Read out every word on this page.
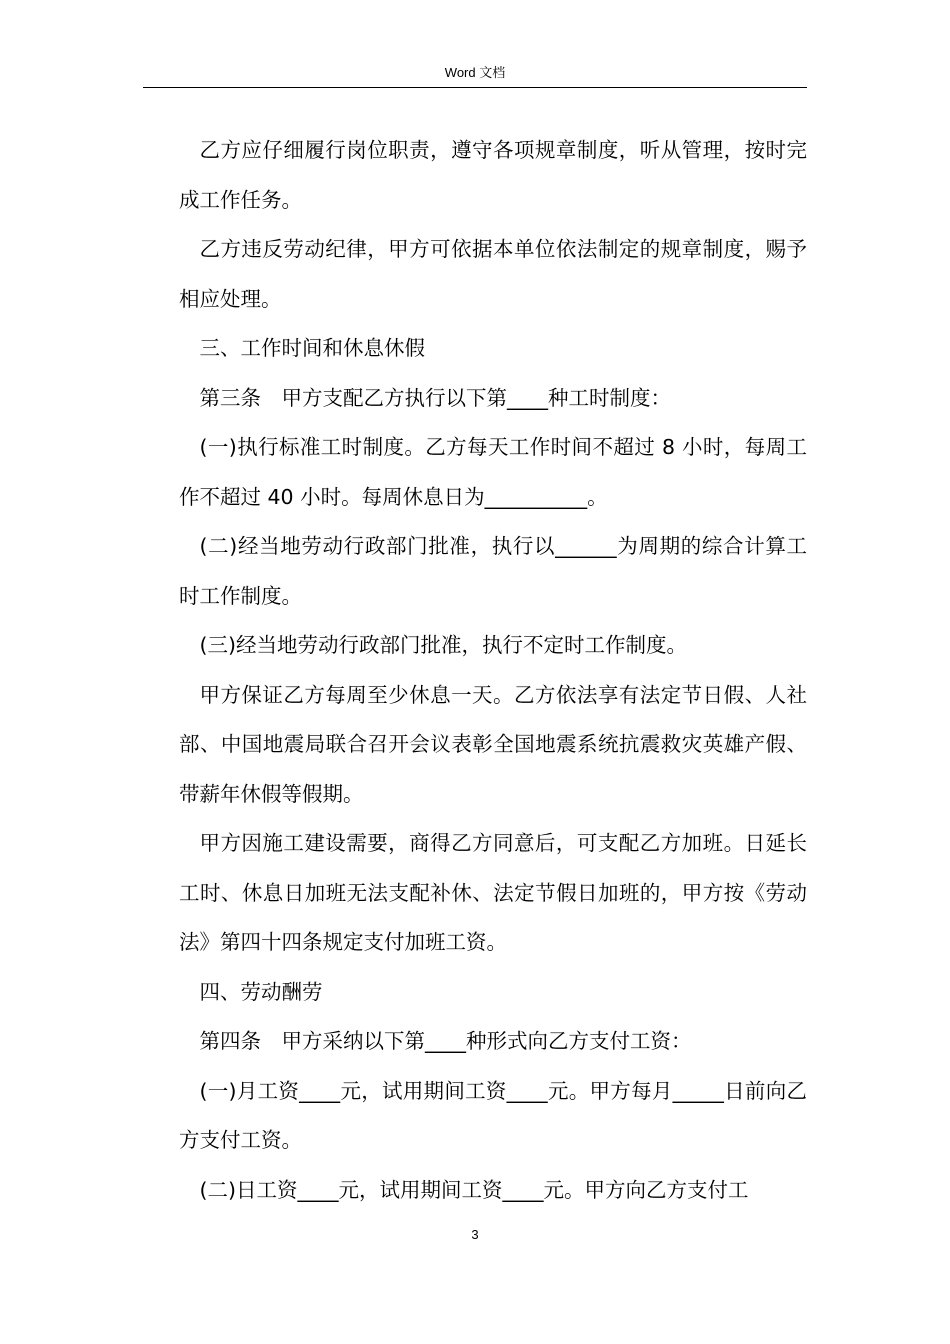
Word 文档

乙方应仔细履行岗位职责，遵守各项规章制度，听从管理，按时完成工作任务。

乙方违反劳动纪律，甲方可依据本单位依法制定的规章制度，赐予相应处理。

三、工作时间和休息休假

第三条　甲方支配乙方执行以下第____种工时制度：

(一)执行标准工时制度。乙方每天工作时间不超过 8 小时，每周工作不超过 40 小时。每周休息日为__________。

(二)经当地劳动行政部门批准，执行以______为周期的综合计算工时工作制度。

(三)经当地劳动行政部门批准，执行不定时工作制度。

甲方保证乙方每周至少休息一天。乙方依法享有法定节日假、人社部、中国地震局联合召开会议表彰全国地震系统抗震救灾英雄产假、带薪年休假等假期。

甲方因施工建设需要，商得乙方同意后，可支配乙方加班。日延长工时、休息日加班无法支配补休、法定节假日加班的，甲方按《劳动法》第四十四条规定支付加班工资。

四、劳动酬劳

第四条　甲方采纳以下第____种形式向乙方支付工资：

(一)月工资____元，试用期间工资____元。甲方每月_____日前向乙方支付工资。

(二)日工资____元，试用期间工资____元。甲方向乙方支付工

3
